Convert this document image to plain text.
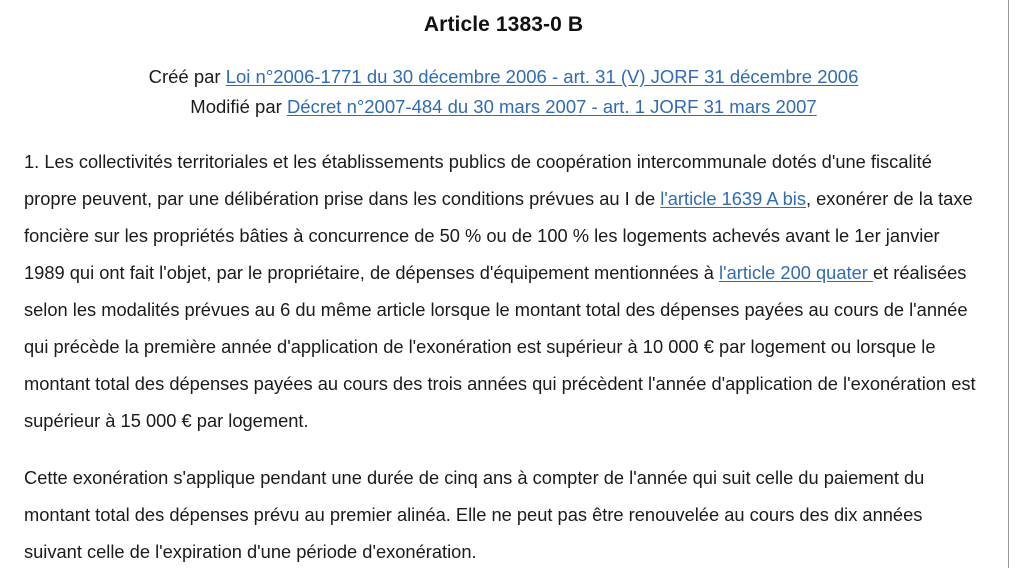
Article 1383-0 B
Créé par Loi n°2006-1771 du 30 décembre 2006 - art. 31 (V) JORF 31 décembre 2006
Modifié par Décret n°2007-484 du 30 mars 2007 - art. 1 JORF 31 mars 2007

1. Les collectivités territoriales et les établissements publics de coopération intercommunale dotés d'une fiscalité propre peuvent, par une délibération prise dans les conditions prévues au I de l'article 1639 A bis, exonérer de la taxe foncière sur les propriétés bâties à concurrence de 50 % ou de 100 % les logements achevés avant le 1er janvier 1989 qui ont fait l'objet, par le propriétaire, de dépenses d'équipement mentionnées à l'article 200 quater et réalisées selon les modalités prévues au 6 du même article lorsque le montant total des dépenses payées au cours de l'année qui précède la première année d'application de l'exonération est supérieur à 10 000 € par logement ou lorsque le montant total des dépenses payées au cours des trois années qui précèdent l'année d'application de l'exonération est supérieur à 15 000 € par logement.

Cette exonération s'applique pendant une durée de cinq ans à compter de l'année qui suit celle du paiement du montant total des dépenses prévu au premier alinéa. Elle ne peut pas être renouvelée au cours des dix années suivant celle de l'expiration d'une période d'exonération.
